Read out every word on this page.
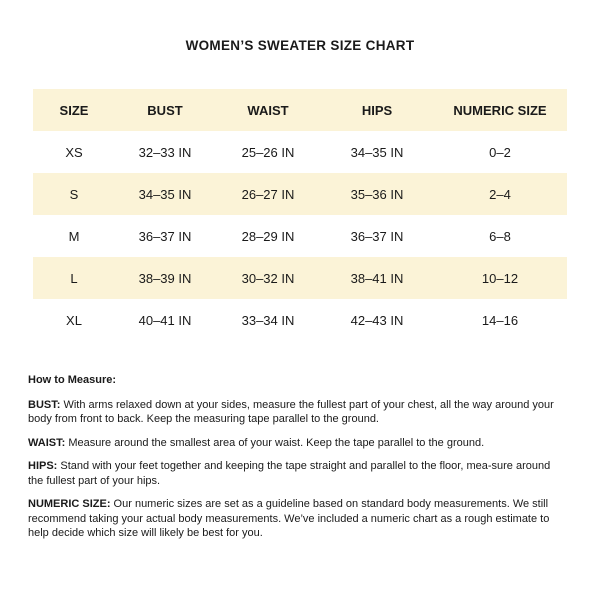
WOMEN’S SWEATER SIZE CHART
SIZE	BUST	WAIST	HIPS	NUMERIC SIZE
XS	32–33 IN	25–26 IN	34–35 IN	0–2
S	34–35 IN	26–27 IN	35–36 IN	2–4
M	36–37 IN	28–29 IN	36–37 IN	6–8
L	38–39 IN	30–32 IN	38–41 IN	10–12
XL	40–41 IN	33–34 IN	42–43 IN	14–16

How to Measure:

BUST: With arms relaxed down at your sides, measure the fullest part of your chest, all the way around your body from front to back. Keep the measuring tape parallel to the ground.

WAIST: Measure around the smallest area of your waist. Keep the tape parallel to the ground.

HIPS: Stand with your feet together and keeping the tape straight and parallel to the floor, mea-sure around the fullest part of your hips.

NUMERIC SIZE: Our numeric sizes are set as a guideline based on standard body measurements. We still recommend taking your actual body measurements. We’ve included a numeric chart as a rough estimate to help decide which size will likely be best for you.
